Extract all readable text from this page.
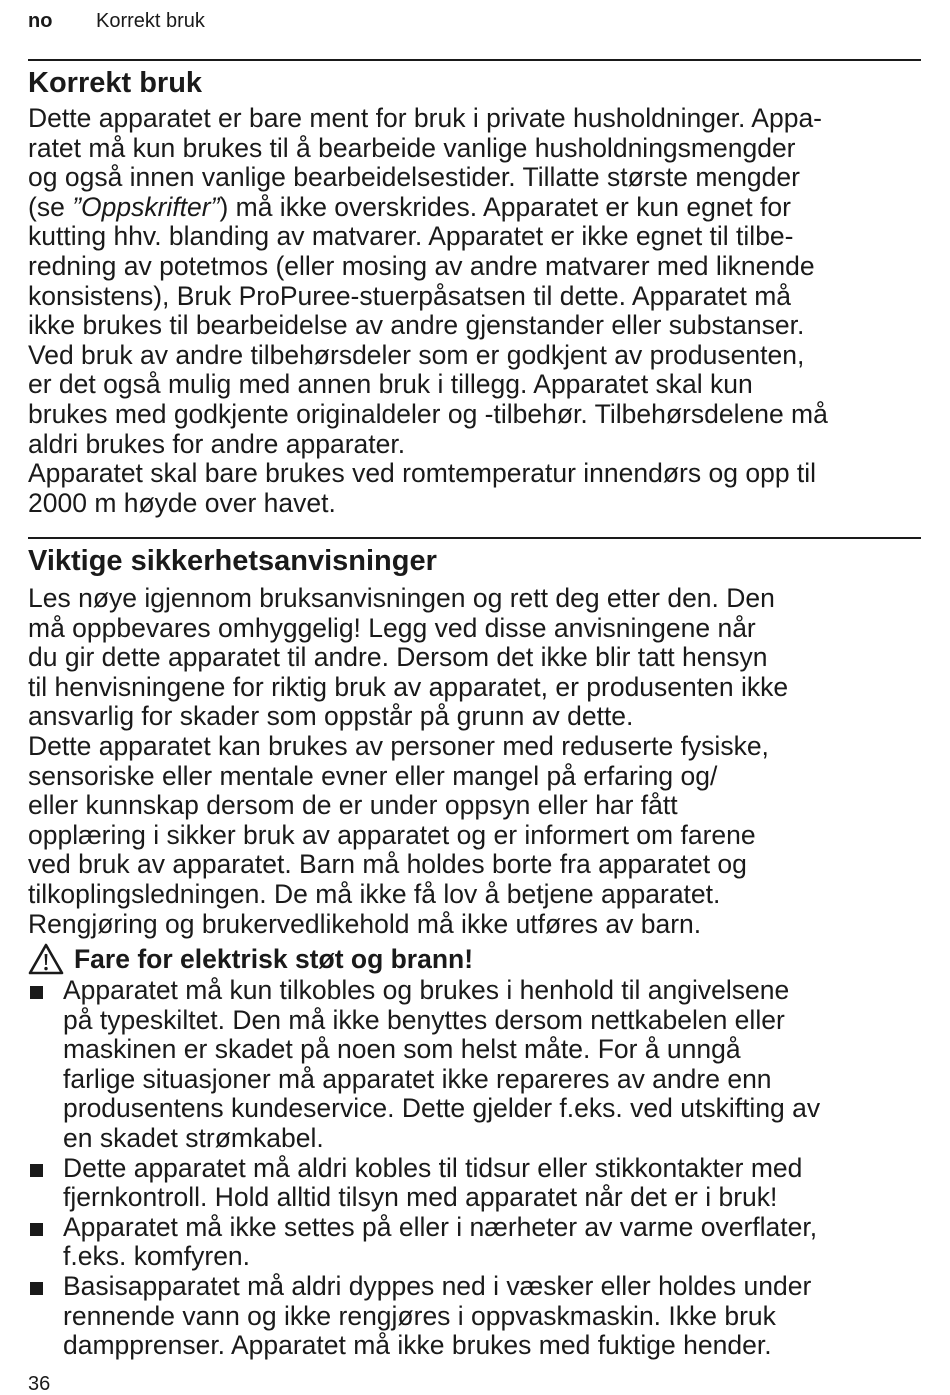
no Korrekt bruk
Korrekt bruk
Dette apparatet er bare ment for bruk i private husholdninger. Appa-
ratet må kun brukes til å bearbeide vanlige husholdningsmengder
og også innen vanlige bearbeidelsestider. Tillatte største mengder
(se ”Oppskrifter”) må ikke overskrides. Apparatet er kun egnet for
kutting hhv. blanding av matvarer. Apparatet er ikke egnet til tilbe-
redning av potetmos (eller mosing av andre matvarer med liknende
konsistens), Bruk ProPuree-stuerpåsatsen til dette. Apparatet må
ikke brukes til bearbeidelse av andre gjenstander eller substanser.
Ved bruk av andre tilbehørsdeler som er godkjent av produsenten,
er det også mulig med annen bruk i tillegg. Apparatet skal kun
brukes med godkjente originaldeler og -tilbehør. Tilbehørsdelene må
aldri brukes for andre apparater.
Apparatet skal bare brukes ved romtemperatur innendørs og opp til
2000 m høyde over havet.
Viktige sikkerhetsanvisninger
Les nøye igjennom bruksanvisningen og rett deg etter den. Den
må oppbevares omhyggelig! Legg ved disse anvisningene når
du gir dette apparatet til andre. Dersom det ikke blir tatt hensyn
til henvisningene for riktig bruk av apparatet, er produsenten ikke
ansvarlig for skader som oppstår på grunn av dette.
Dette apparatet kan brukes av personer med reduserte fysiske,
sensoriske eller mentale evner eller mangel på erfaring og/
eller kunnskap dersom de er under oppsyn eller har fått
opplæring i sikker bruk av apparatet og er informert om farene
ved bruk av apparatet. Barn må holdes borte fra apparatet og
tilkoplingsledningen. De må ikke få lov å betjene apparatet.
Rengjøring og brukervedlikehold må ikke utføres av barn.
Fare for elektrisk støt og brann!
Apparatet må kun tilkobles og brukes i henhold til angivelsene
på typeskiltet. Den må ikke benyttes dersom nettkabelen eller
maskinen er skadet på noen som helst måte. For å unngå
farlige situasjoner må apparatet ikke repareres av andre enn
produsentens kundeservice. Dette gjelder f.eks. ved utskifting av
en skadet strømkabel.
Dette apparatet må aldri kobles til tidsur eller stikkontakter med
fjernkontroll. Hold alltid tilsyn med apparatet når det er i bruk!
Apparatet må ikke settes på eller i nærheter av varme overflater,
f.eks. komfyren.
Basisapparatet må aldri dyppes ned i væsker eller holdes under
rennende vann og ikke rengjøres i oppvaskmaskin. Ikke bruk
dampprenser. Apparatet må ikke brukes med fuktige hender.
36
